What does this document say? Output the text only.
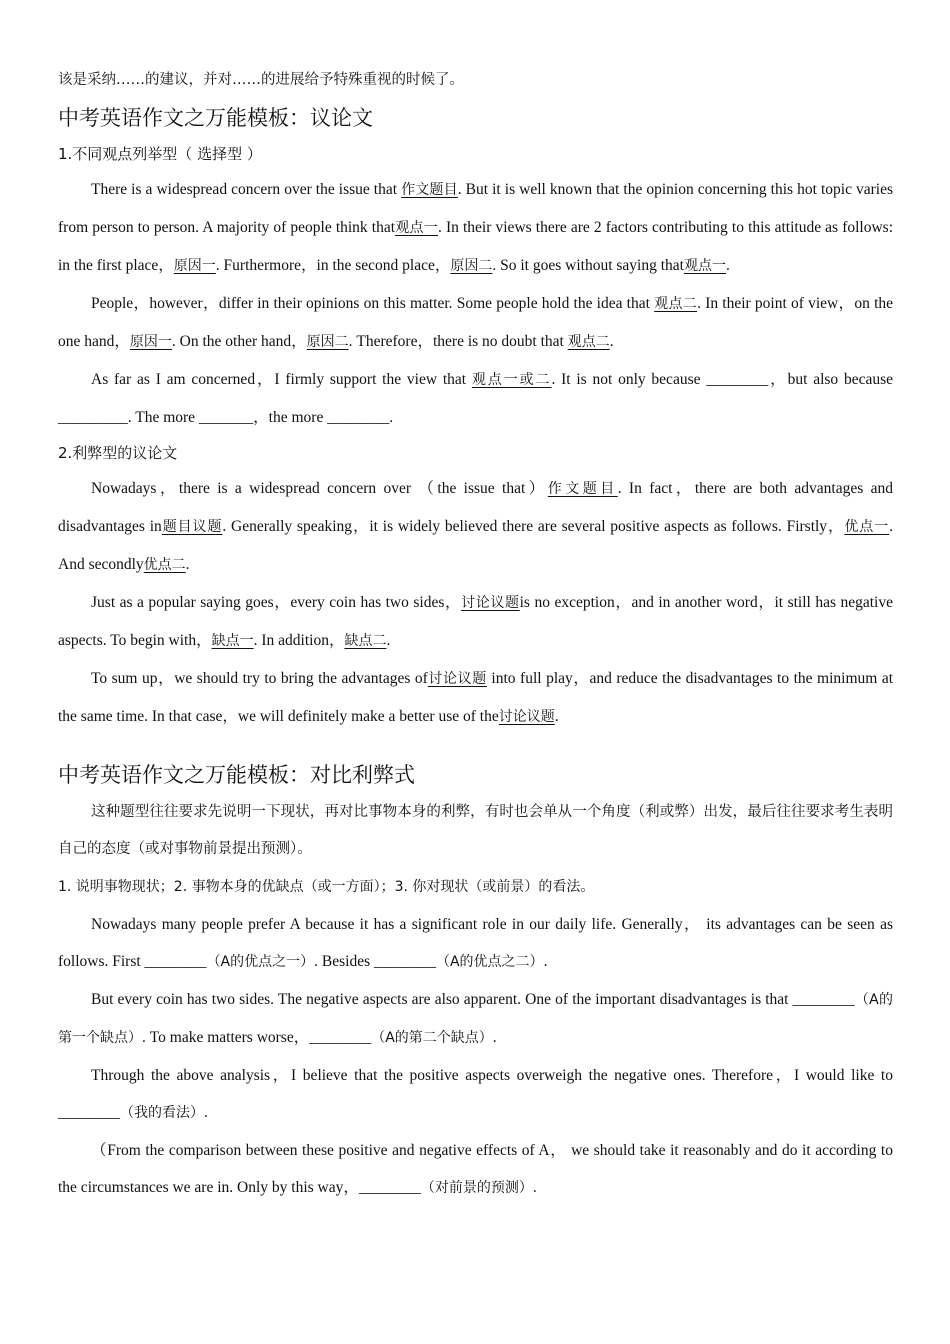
该是采纳……的建议，并对……的进展给予特殊重视的时候了。

中考英语作文之万能模板：议论文

1.不同观点列举型（ 选择型 ）

There is a widespread concern over the issue that 作文题目. But it is well known that the opinion concerning this hot topic varies from person to person. A majority of people think that观点一. In their views there are 2 factors contributing to this attitude as follows: in the first place，原因一. Furthermore，in the second place，原因二. So it goes without saying that观点一.

People，however，differ in their opinions on this matter. Some people hold the idea that 观点二. In their point of view，on the one hand，原因一. On the other hand，原因二. Therefore，there is no doubt that 观点二.

As far as I am concerned，I firmly support the view that 观点一或二. It is not only because ________，but also because _________. The more _______，the more ________.

2.利弊型的议论文

Nowadays，there is a widespread concern over （the issue that）作文题目. In fact，there are both advantages and disadvantages in题目议题. Generally speaking，it is widely believed there are several positive aspects as follows. Firstly，优点一. And secondly优点二.

Just as a popular saying goes，every coin has two sides，讨论议题is no exception，and in another word，it still has negative aspects. To begin with，缺点一. In addition，缺点二.

To sum up，we should try to bring the advantages of讨论议题 into full play，and reduce the disadvantages to the minimum at the same time. In that case，we will definitely make a better use of the讨论议题.

中考英语作文之万能模板：对比利弊式

这种题型往往要求先说明一下现状，再对比事物本身的利弊，有时也会单从一个角度（利或弊）出发，最后往往要求考生表明自己的态度（或对事物前景提出预测）。

1. 说明事物现状；2. 事物本身的优缺点（或一方面）；3. 你对现状（或前景）的看法。

Nowadays many people prefer A because it has a significant role in our daily life. Generally， its advantages can be seen as follows. First ________（A的优点之一）. Besides ________（A的优点之二）.

But every coin has two sides. The negative aspects are also apparent. One of the important disadvantages is that ________（A的第一个缺点）. To make matters worse，________（A的第二个缺点）.

Through the above analysis，I believe that the positive aspects overweigh the negative ones. Therefore，I would like to ________（我的看法）.

（From the comparison between these positive and negative effects of A， we should take it reasonably and do it according to the circumstances we are in. Only by this way，________（对前景的预测）.
